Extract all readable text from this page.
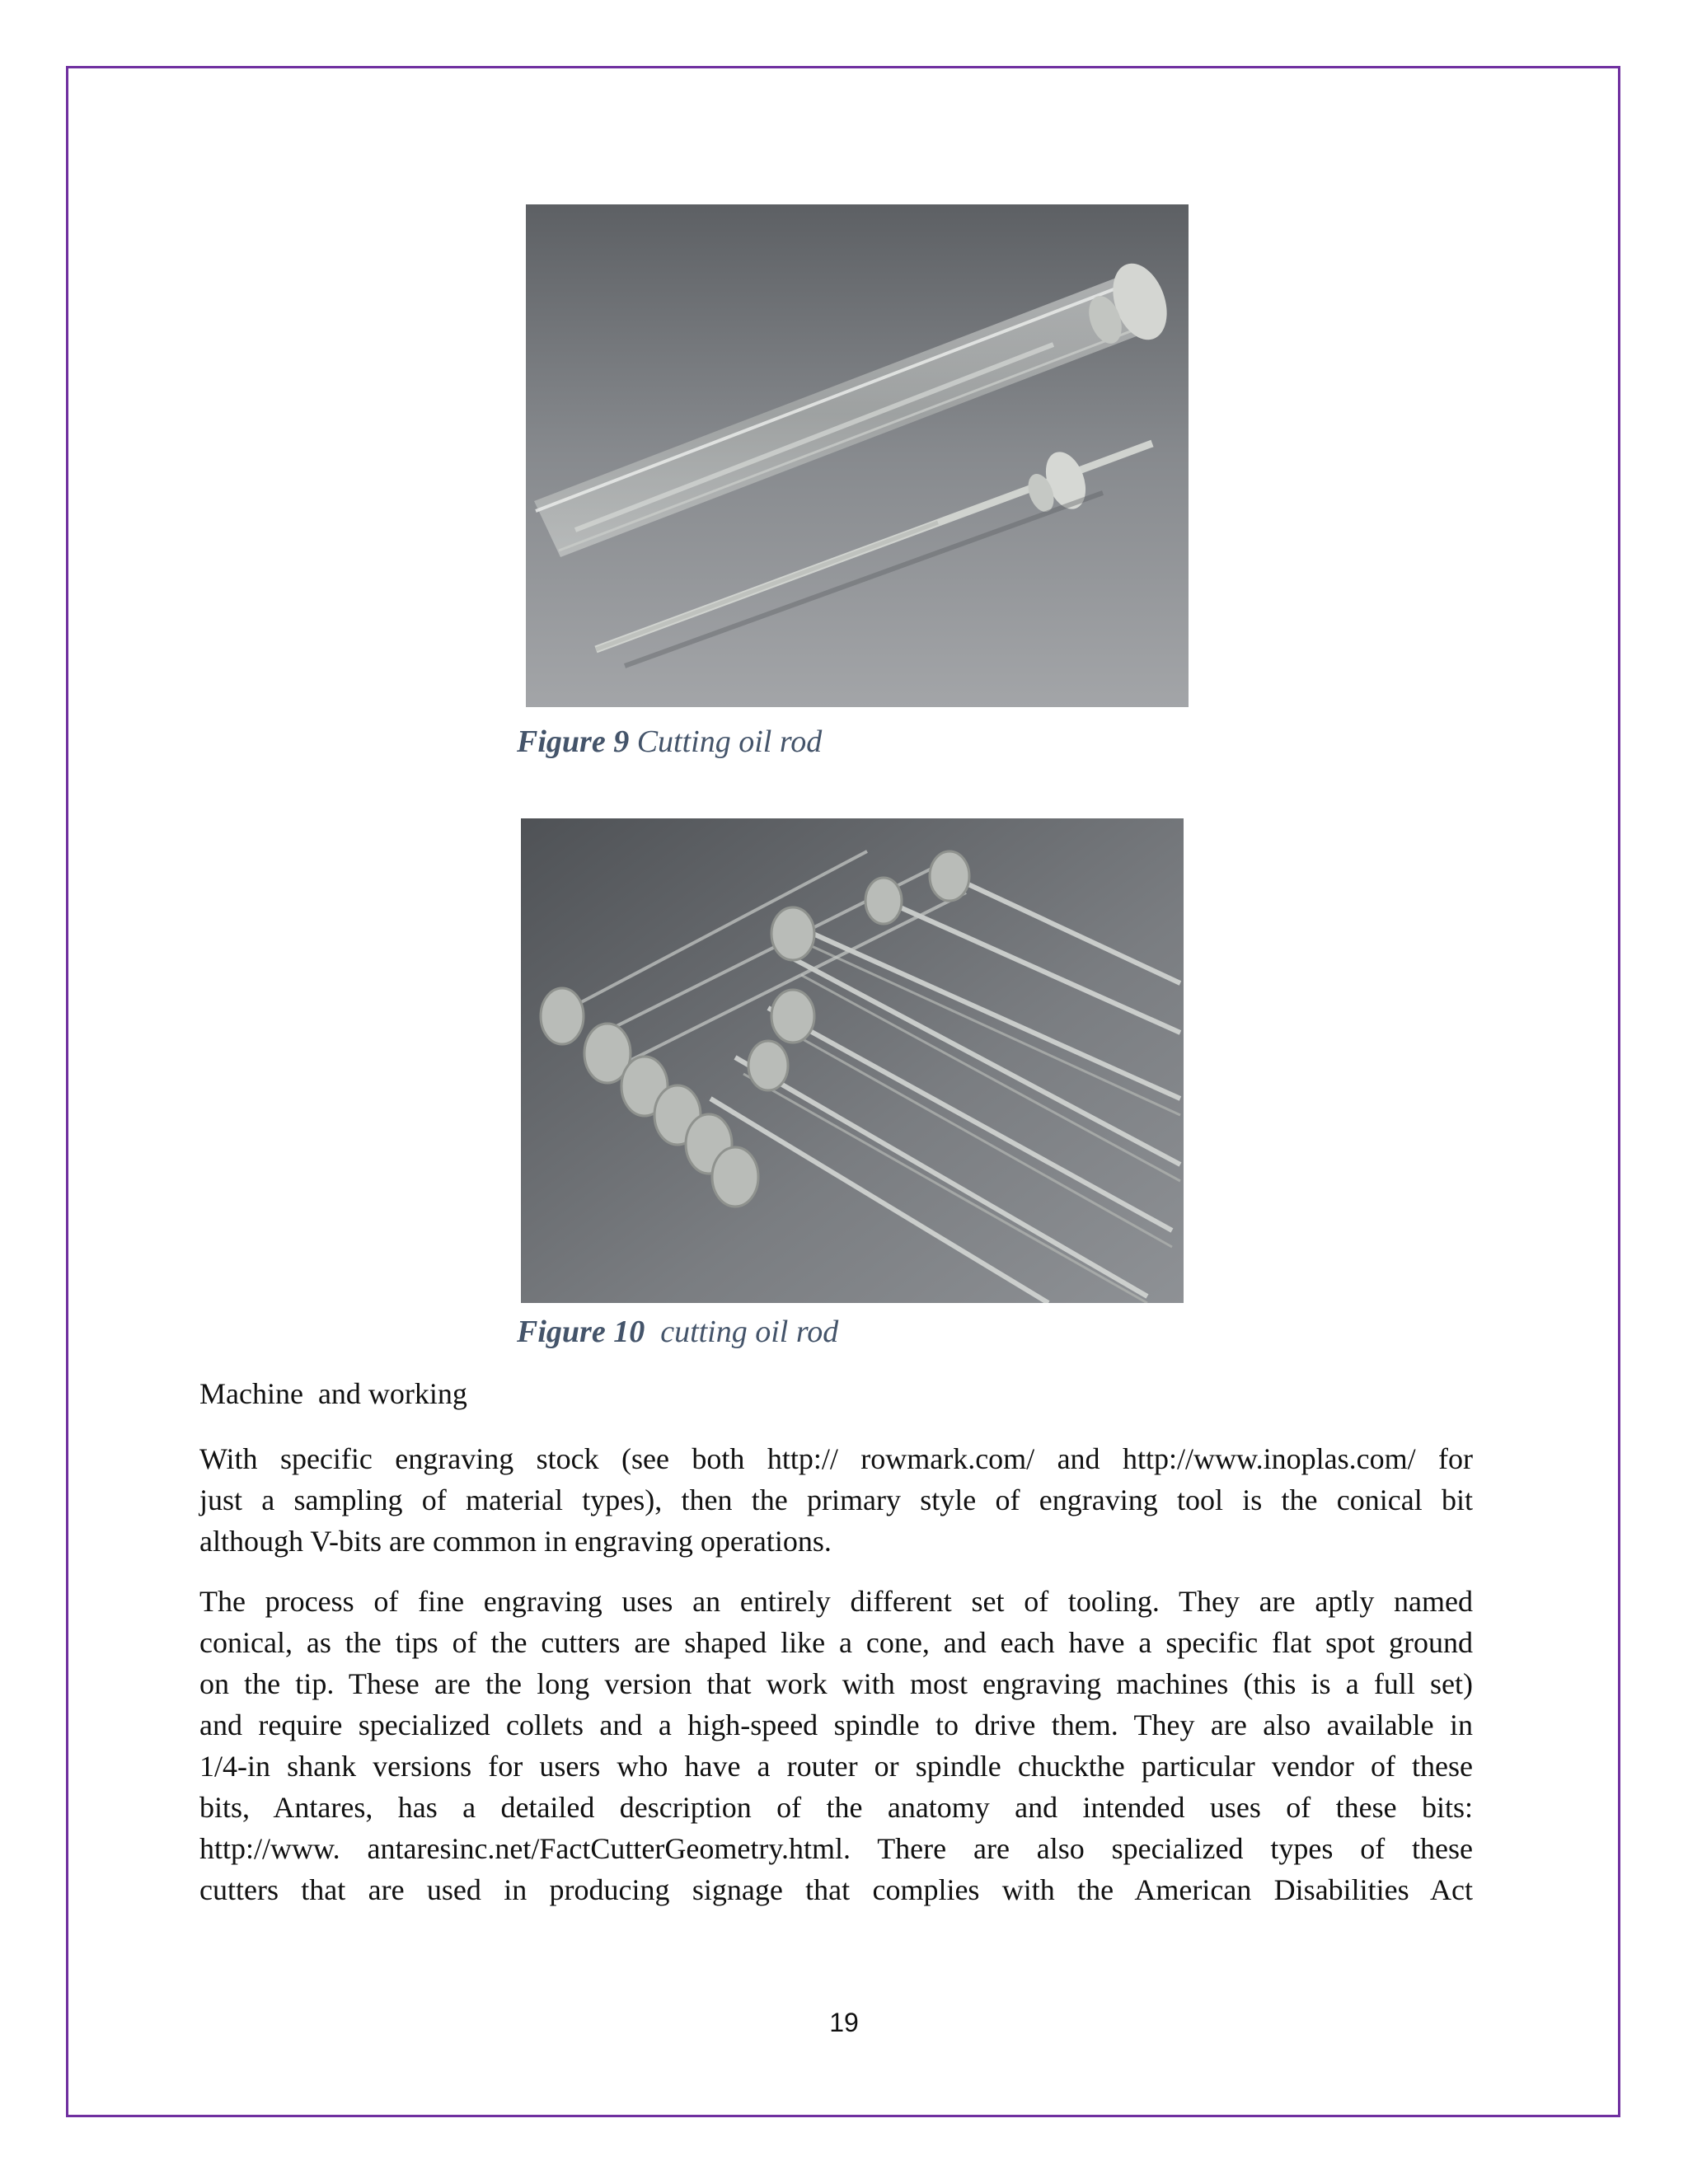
Figure 9 Cutting oil rod
Figure 10  cutting oil rod
Machine  and working
With specific engraving stock (see both http:// rowmark.com/ and http://www.inoplas.com/ for
just a sampling of material types), then the primary style of engraving tool is the conical bit
although V-bits are common in engraving operations.
The process of fine engraving uses an entirely different set of tooling. They are aptly named
conical, as the tips of the cutters are shaped like a cone, and each have a specific flat spot ground
on the tip. These are the long version that work with most engraving machines (this is a full set)
and require specialized collets and a high-speed spindle to drive them. They are also available in
1/4-in shank versions for users who have a router or spindle chuckthe particular vendor of these
bits, Antares, has a detailed description of the anatomy and intended uses of these bits:
http://www. antaresinc.net/FactCutterGeometry.html. There are also specialized types of these
cutters that are used in producing signage that complies with the American Disabilities Act
19
